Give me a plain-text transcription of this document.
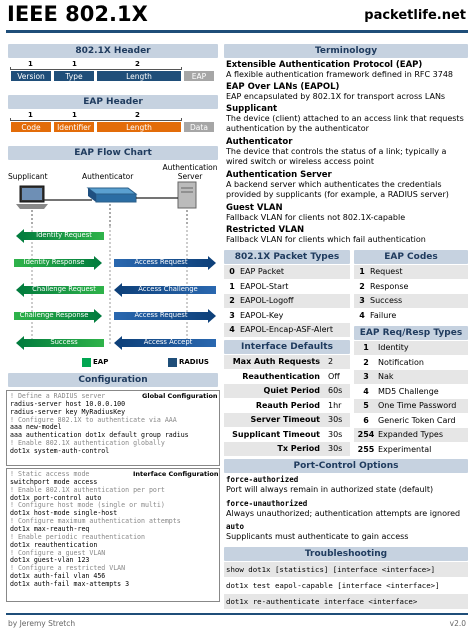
IEEE 802.1X	packetlife.net
802.1X Header
1	1	2
Version	Type	Length	EAP
EAP Header
1	1	2
Code	Identifier	Length	Data
EAP Flow Chart
Supplicant	Authenticator
Authentication
Server
Identity Request
Identity Response	Access Request
Challenge Request	Access Challenge
Challenge Response	Access Request
Success	Access Accept
EAP	RADIUS
Configuration
Global Configuration
! Define a RADIUS server
radius-server host 10.0.0.100
radius-server key MyRadiusKey
! Configure 802.1X to authenticate via AAA
aaa new-model
aaa authentication dot1x default group radius
! Enable 802.1X authentication globally
dot1x system-auth-control
Interface Configuration
! Static access mode
switchport mode access
! Enable 802.1X authentication per port
dot1x port-control auto
! Configure host mode (single or multi)
dot1x host-mode single-host
! Configure maximum authentication attempts
dot1x max-reauth-req
! Enable periodic reauthentication
dot1x reauthentication
! Configure a guest VLAN
dot1x guest-vlan 123
! Configure a restricted VLAN
dot1x auth-fail vlan 456
dot1x auth-fail max-attempts 3
Terminology
Extensible Authentication Protocol (EAP)
A flexible authentication framework defined in RFC 3748
EAP Over LANs (EAPOL)
EAP encapsulated by 802.1X for transport across LANs
Supplicant
The device (client) attached to an access link that requests authentication by the authenticator
Authenticator
The device that controls the status of a link; typically a wired switch or wireless access point
Authentication Server
A backend server which authenticates the credentials provided by supplicants (for example, a RADIUS server)
Guest VLAN
Fallback VLAN for clients not 802.1X-capable
Restricted VLAN
Fallback VLAN for clients which fail authentication
802.1X Packet Types
0 EAP Packet
1 EAPOL-Start
2 EAPOL-Logoff
3 EAPOL-Key
4 EAPOL-Encap-ASF-Alert
EAP Codes
1 Request
2 Response
3 Success
4 Failure
Interface Defaults
Max Auth Requests 2
Reauthentication Off
Quiet Period 60s
Reauth Period 1hr
Server Timeout 30s
Supplicant Timeout 30s
Tx Period 30s
EAP Req/Resp Types
1	Identity
2	Notification
3	Nak
4	MD5 Challenge
5	One Time Password
6	Generic Token Card
254 Expanded Types
255 Experimental
Port-Control Options
force-authorized
Port will always remain in authorized state (default)
force-unauthorized
Always unauthorized; authentication attempts are ignored
auto
Supplicants must authenticate to gain access
Troubleshooting
show dot1x [statistics] [interface <interface>]
dot1x test eapol-capable [interface <interface>]
dot1x re-authenticate interface <interface>
by Jeremy Stretch	v2.0
